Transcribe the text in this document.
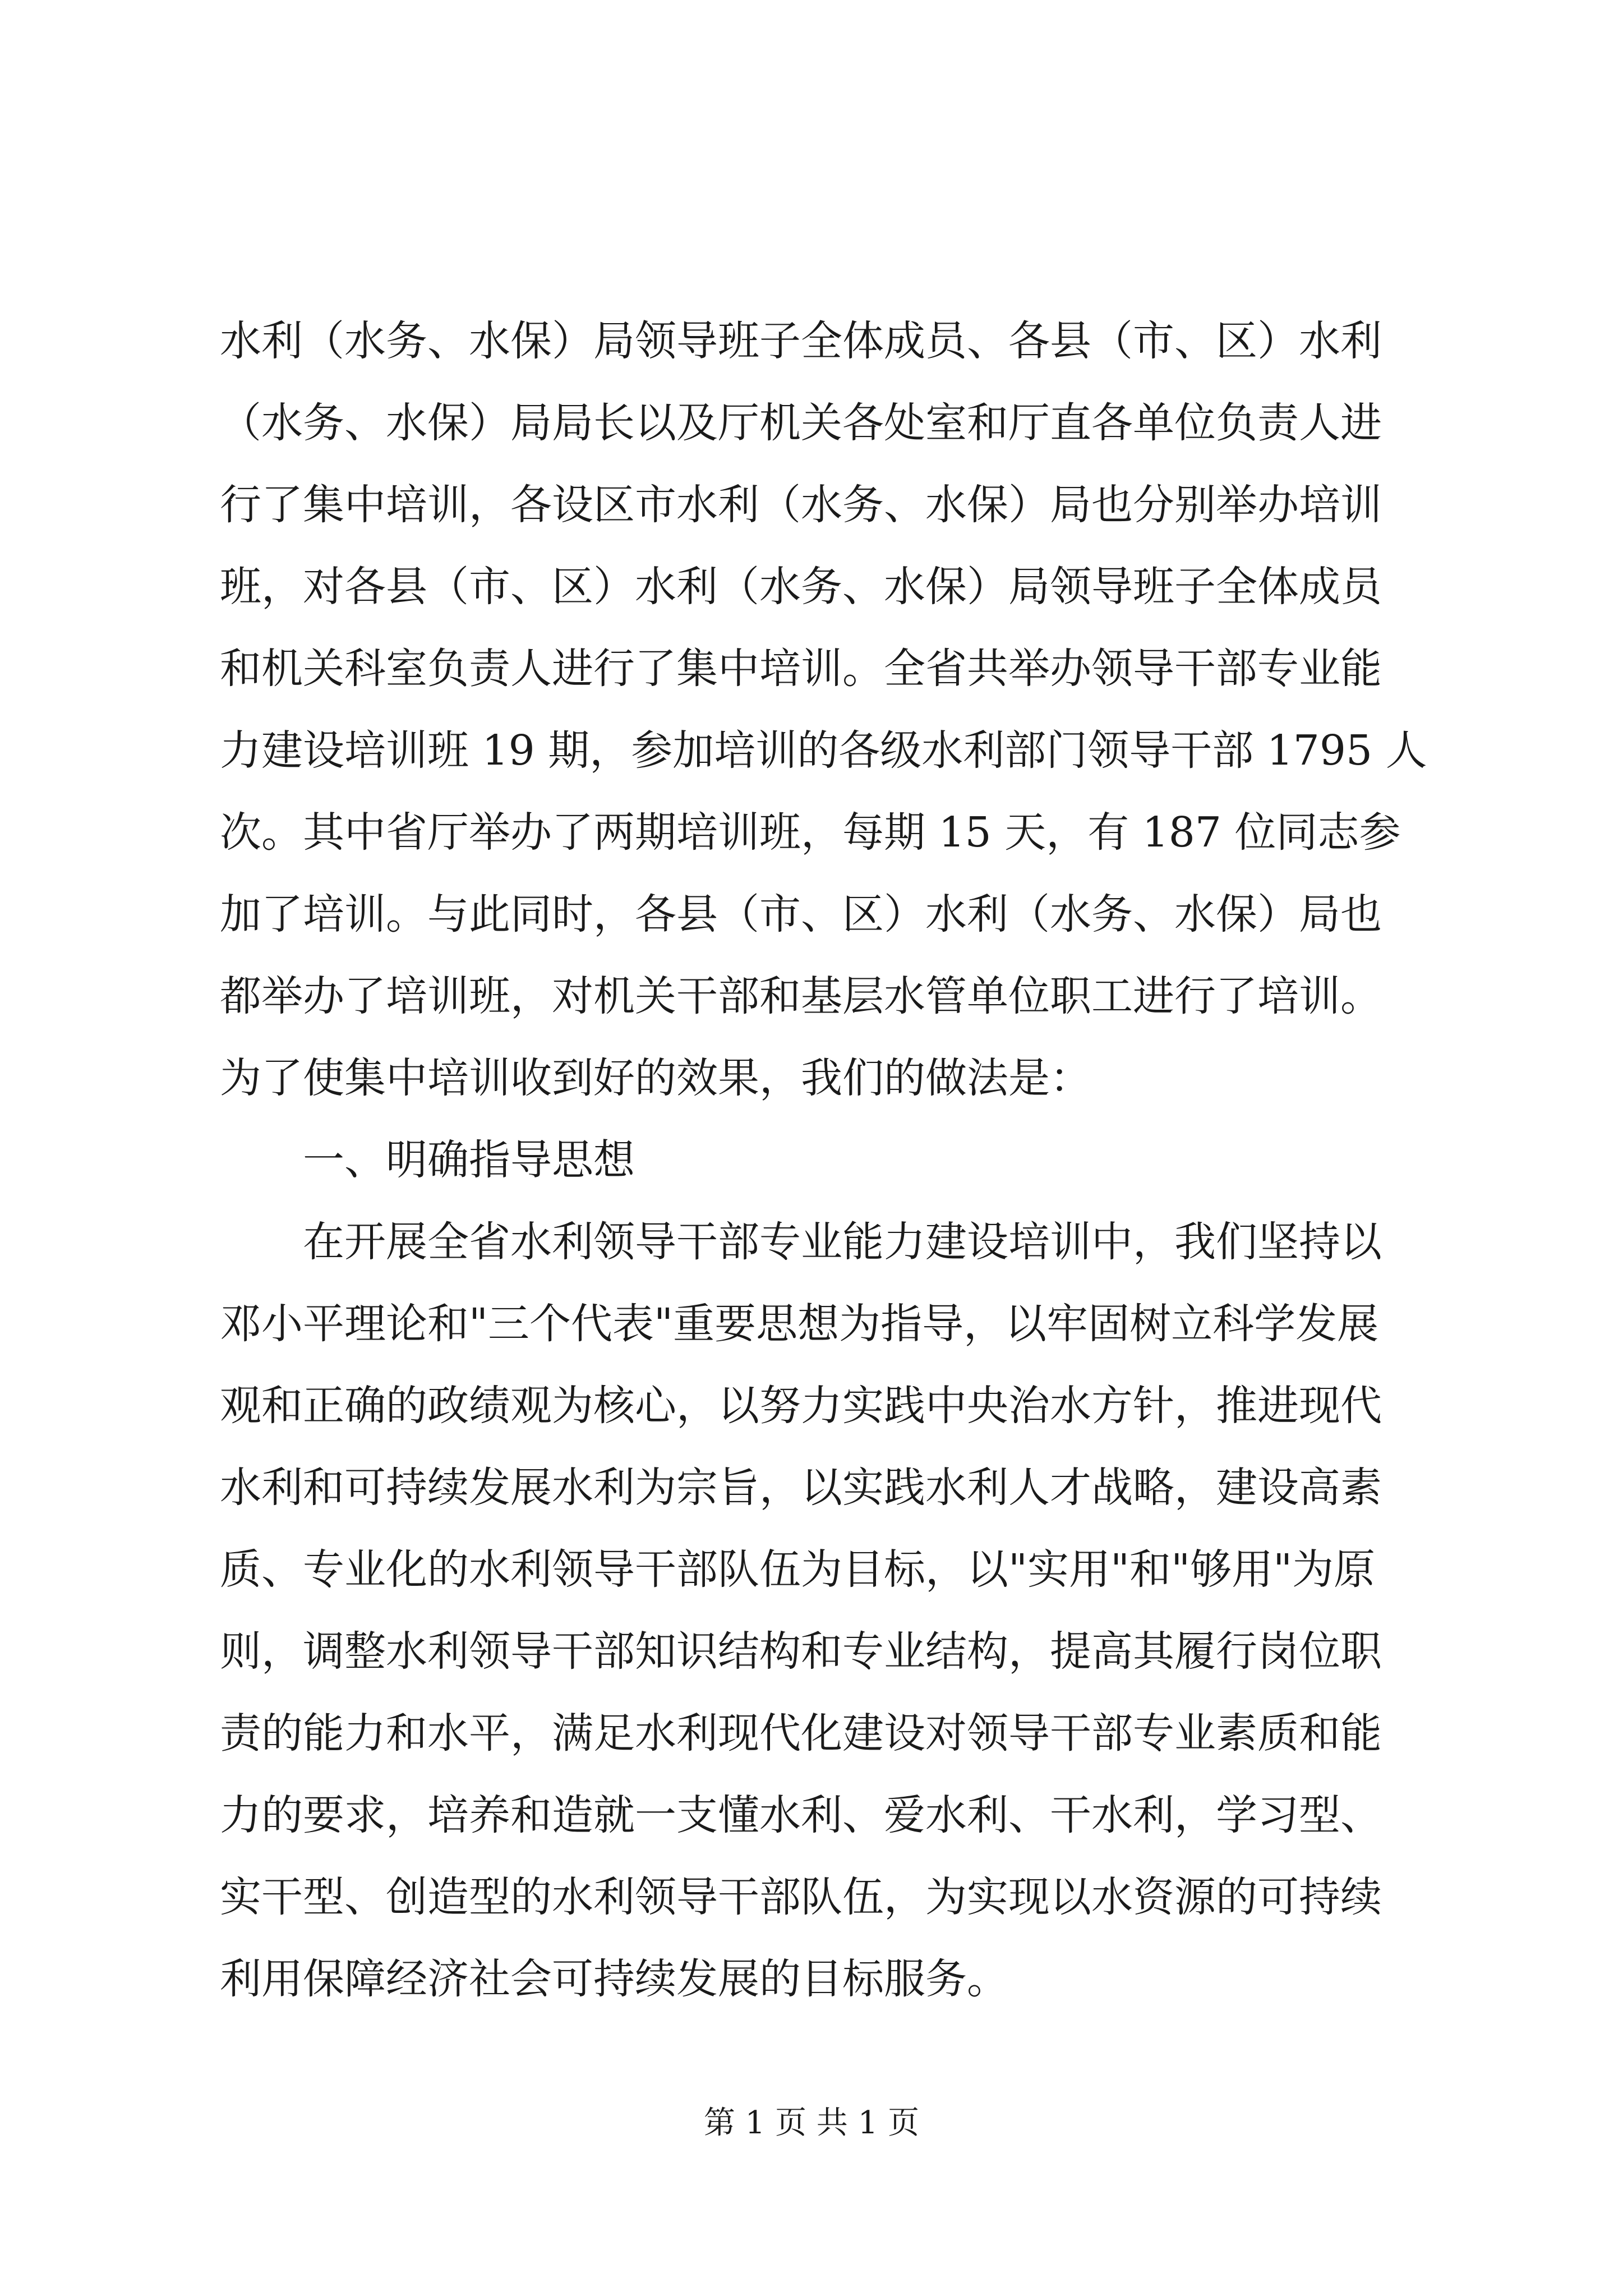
水利（水务、水保）局领导班子全体成员、各县（市、区）水利
（水务、水保）局局长以及厅机关各处室和厅直各单位负责人进
行了集中培训，各设区市水利（水务、水保）局也分别举办培训
班，对各县（市、区）水利（水务、水保）局领导班子全体成员
和机关科室负责人进行了集中培训。全省共举办领导干部专业能
力建设培训班 19 期，参加培训的各级水利部门领导干部 1795 人
次。其中省厅举办了两期培训班，每期 15 天，有 187 位同志参
加了培训。与此同时，各县（市、区）水利（水务、水保）局也
都举办了培训班，对机关干部和基层水管单位职工进行了培训。
为了使集中培训收到好的效果，我们的做法是：
一、明确指导思想
在开展全省水利领导干部专业能力建设培训中，我们坚持以
邓小平理论和"三个代表"重要思想为指导，以牢固树立科学发展
观和正确的政绩观为核心，以努力实践中央治水方针，推进现代
水利和可持续发展水利为宗旨，以实践水利人才战略，建设高素
质、专业化的水利领导干部队伍为目标，以"实用"和"够用"为原
则，调整水利领导干部知识结构和专业结构，提高其履行岗位职
责的能力和水平，满足水利现代化建设对领导干部专业素质和能
力的要求，培养和造就一支懂水利、爱水利、干水利，学习型、
实干型、创造型的水利领导干部队伍，为实现以水资源的可持续
利用保障经济社会可持续发展的目标服务。
第 1 页 共 1 页
